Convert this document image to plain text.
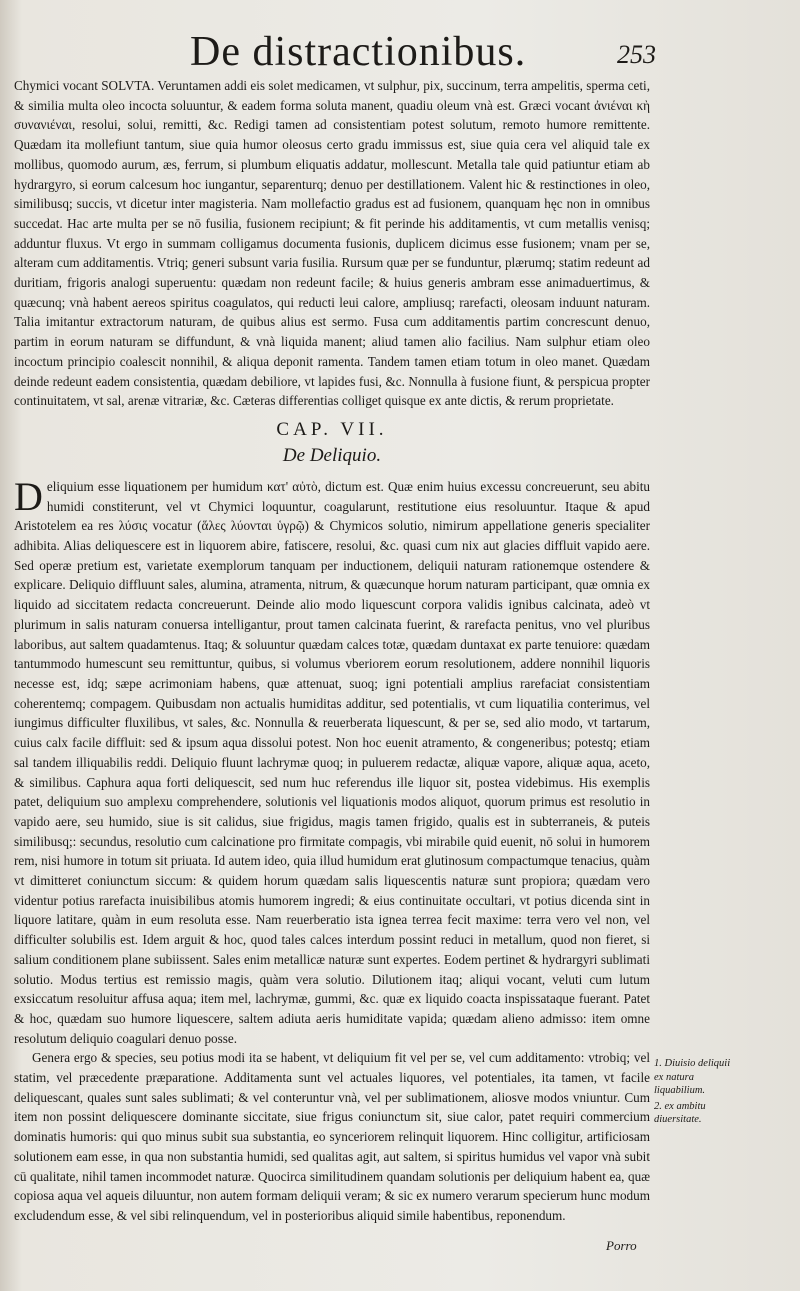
De distractionibus.	253

Chymici vocant SOLVTA. Veruntamen addi eis solet medicamen, vt sulphur, pix, succinum, terra ampelitis, sperma ceti, & similia multa oleo incocta soluuntur, & eadem forma soluta manent, quadiu oleum vnà est. Græci vocant ἀνιέναι κὴ συνανιέναι, resolui, solui, remitti, &c. Redigi tamen ad consistentiam potest solutum, remoto humore remittente. Quædam ita mollefiunt tantum, siue quia humor oleosus certo gradu immissus est, siue quia cera vel aliquid tale ex mollibus, quomodo aurum, æs, ferrum, si plumbum eliquatis addatur, mollescunt. Metalla tale quid patiuntur etiam ab hydrargyro, si eorum calcesum hoc iungantur, separenturq; denuo per destillationem. Valent hic & restinctiones in oleo, similibusq; succis, vt dicetur inter magisteria. Nam mollefactio gradus est ad fusionem, quanquam hęc non in omnibus succedat. Hac arte multa per se nō fusilia, fusionem recipiunt; & fit perinde his additamentis, vt cum metallis venisq; adduntur fluxus. Vt ergo in summam colligamus documenta fusionis, duplicem dicimus esse fusionem; vnam per se, alteram cum additamentis. Vtriq; generi subsunt varia fusilia. Rursum quæ per se funduntur, plærumq; statim redeunt ad duritiam, frigoris analogi superuentu: quædam non redeunt facile; & huius generis ambram esse animaduertimus, & quæcunq; vnà habent aereos spiritus coagulatos, qui reducti leui calore, ampliusq; rarefacti, oleosam induunt naturam. Talia imitantur extractorum naturam, de quibus alius est sermo. Fusa cum additamentis partim concrescunt denuo, partim in eorum naturam se diffundunt, & vnà liquida manent; aliud tamen alio facilius. Nam sulphur etiam oleo incoctum principio coalescit nonnihil, & aliqua deponit ramenta. Tandem tamen etiam totum in oleo manet. Quædam deinde redeunt eadem consistentia, quædam debiliore, vt lapides fusi, &c. Nonnulla à fusione fiunt, & perspicua propter continuitatem, vt sal, arenæ vitrariæ, &c. Cæteras differentias colliget quisque ex ante dictis, & rerum proprietate.

CAP. VII.
De Deliquio.

Deliquium esse liquationem per humidum κατ' αὐτὸ, dictum est. Quæ enim huius excessu concreuerunt, seu abitu humidi constiterunt, vel vt Chymici loquuntur, coagularunt, restitutione eius resoluuntur. Itaque & apud Aristotelem ea res λύσις vocatur (ἅλες λύονται ὑγρῷ) & Chymicos solutio, nimirum appellatione generis specialiter adhibita. Alias deliquescere est in liquorem abire, fatiscere, resolui, &c. quasi cum nix aut glacies diffluit vapido aere. Sed operæ pretium est, varietate exemplorum tanquam per inductionem, deliquii naturam rationemque ostendere & explicare. Deliquio diffluunt sales, alumina, atramenta, nitrum, & quæcunque horum naturam participant, quæ omnia ex liquido ad siccitatem redacta concreuerunt. Deinde alio modo liquescunt corpora validis ignibus calcinata, adeò vt plurimum in salis naturam conuersa intelligantur, prout tamen calcinata fuerint, & rarefacta penitus, vno vel pluribus laboribus, aut saltem quadamtenus. Itaq; & soluuntur quædam calces totæ, quædam duntaxat ex parte tenuiore: quædam tantummodo humescunt seu remittuntur, quibus, si volumus vberiorem eorum resolutionem, addere nonnihil liquoris necesse est, idq; sæpe acrimoniam habens, quæ attenuat, suoq; igni potentiali amplius rarefaciat consistentiam coherentemq; compagem. Quibusdam non actualis humiditas additur, sed potentialis, vt cum liquatilia conterimus, vel iungimus difficulter fluxilibus, vt sales, &c. Nonnulla & reuerberata liquescunt, & per se, sed alio modo, vt tartarum, cuius calx facile diffluit: sed & ipsum aqua dissolui potest. Non hoc euenit atramento, & congeneribus; potestq; etiam sal tandem illiquabilis reddi. Deliquio fluunt lachrymæ quoq; in puluerem redactæ, aliquæ vapore, aliquæ aqua, aceto, & similibus. Caphura aqua forti deliquescit, sed num huc referendus ille liquor sit, postea videbimus. His exemplis patet, deliquium suo amplexu comprehendere, solutionis vel liquationis modos aliquot, quorum primus est resolutio in vapido aere, seu humido, siue is sit calidus, siue frigidus, magis tamen frigido, qualis est in subterraneis, & puteis similibusq;: secundus, resolutio cum calcinatione pro firmitate compagis, vbi mirabile quid euenit, nō solui in humorem rem, nisi humore in totum sit priuata. Id autem ideo, quia illud humidum erat glutinosum compactumque tenacius, quàm vt dimitteret coniunctum siccum: & quidem horum quædam salis liquescentis naturæ sunt propiora; quædam vero videntur potius rarefacta inuisibilibus atomis humorem ingredi; & eius continuitate occultari, vt potius dicenda sint in liquore latitare, quàm in eum resoluta esse. Nam reuerberatio ista ignea terrea fecit maxime: terra vero vel non, vel difficulter solubilis est. Idem arguit & hoc, quod tales calces interdum possint reduci in metallum, quod non fieret, si salium conditionem plane subiissent. Sales enim metallicæ naturæ sunt expertes. Eodem pertinet & hydrargyri sublimati solutio. Modus tertius est remissio magis, quàm vera solutio. Dilutionem itaq; aliqui vocant, veluti cum lutum exsiccatum resoluitur affusa aqua; item mel, lachrymæ, gummi, &c. quæ ex liquido coacta inspissataque fuerant. Patet & hoc, quædam suo humore liquescere, saltem adiuta aeris humiditate vapida; quædam alieno admisso: item omne resolutum deliquio coagulari denuo posse.

Genera ergo & species, seu potius modi ita se habent, vt deliquium fit vel per se, vel cum additamento: vtrobiq; vel statim, vel præcedente præparatione. Additamenta sunt vel actuales liquores, vel potentiales, ita tamen, vt facile deliquescant, quales sunt sales sublimati; & vel conteruntur vnà, vel per sublimationem, aliosve modos vniuntur. Cum item non possint deliquescere dominante siccitate, siue frigus coniunctum sit, siue calor, patet requiri commercium dominatis humoris: qui quo minus subit sua substantia, eo synceriorem relinquit liquorem. Hinc colligitur, artificiosam solutionem eam esse, in qua non substantia humidi, sed qualitas agit, aut saltem, si spiritus humidus vel vapor vnà subit cū qualitate, nihil tamen incommodet naturæ. Quocirca similitudinem quandam solutionis per deliquium habent ea, quæ copiosa aqua vel aqueis diluuntur, non autem formam deliquii veram; & sic ex numero verarum specierum hunc modum excludendum esse, & vel sibi relinquendum, vel in posterioribus aliquid simile habentibus, reponendum.

1. Diuisio deliquii ex natura liquabilium.
2. ex ambitu diuersitate.
Porro
